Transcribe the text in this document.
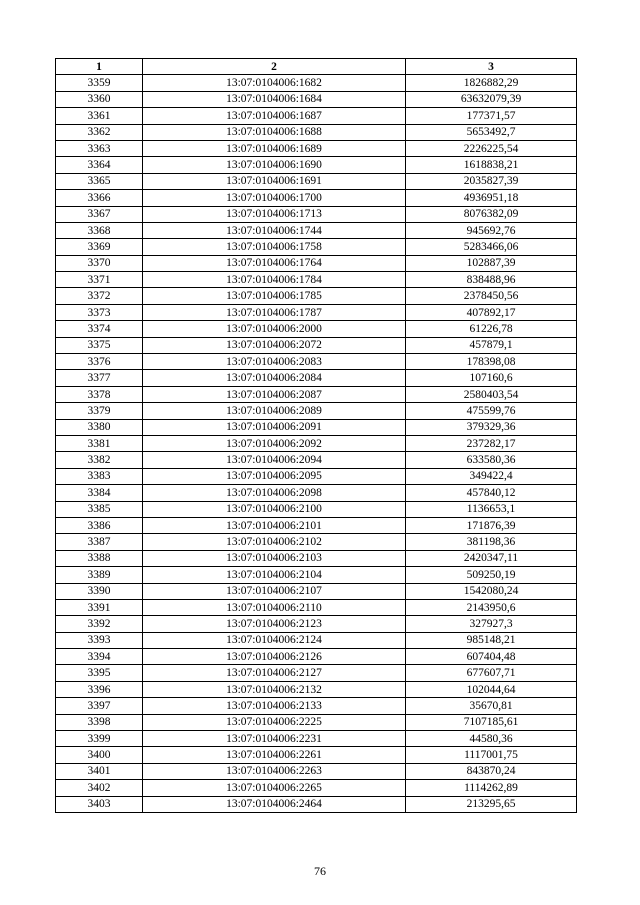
1	2	3
3359	13:07:0104006:1682	1826882,29
3360	13:07:0104006:1684	63632079,39
3361	13:07:0104006:1687	177371,57
3362	13:07:0104006:1688	5653492,7
3363	13:07:0104006:1689	2226225,54
3364	13:07:0104006:1690	1618838,21
3365	13:07:0104006:1691	2035827,39
3366	13:07:0104006:1700	4936951,18
3367	13:07:0104006:1713	8076382,09
3368	13:07:0104006:1744	945692,76
3369	13:07:0104006:1758	5283466,06
3370	13:07:0104006:1764	102887,39
3371	13:07:0104006:1784	838488,96
3372	13:07:0104006:1785	2378450,56
3373	13:07:0104006:1787	407892,17
3374	13:07:0104006:2000	61226,78
3375	13:07:0104006:2072	457879,1
3376	13:07:0104006:2083	178398,08
3377	13:07:0104006:2084	107160,6
3378	13:07:0104006:2087	2580403,54
3379	13:07:0104006:2089	475599,76
3380	13:07:0104006:2091	379329,36
3381	13:07:0104006:2092	237282,17
3382	13:07:0104006:2094	633580,36
3383	13:07:0104006:2095	349422,4
3384	13:07:0104006:2098	457840,12
3385	13:07:0104006:2100	1136653,1
3386	13:07:0104006:2101	171876,39
3387	13:07:0104006:2102	381198,36
3388	13:07:0104006:2103	2420347,11
3389	13:07:0104006:2104	509250,19
3390	13:07:0104006:2107	1542080,24
3391	13:07:0104006:2110	2143950,6
3392	13:07:0104006:2123	327927,3
3393	13:07:0104006:2124	985148,21
3394	13:07:0104006:2126	607404,48
3395	13:07:0104006:2127	677607,71
3396	13:07:0104006:2132	102044,64
3397	13:07:0104006:2133	35670,81
3398	13:07:0104006:2225	7107185,61
3399	13:07:0104006:2231	44580,36
3400	13:07:0104006:2261	1117001,75
3401	13:07:0104006:2263	843870,24
3402	13:07:0104006:2265	1114262,89
3403	13:07:0104006:2464	213295,65
76
